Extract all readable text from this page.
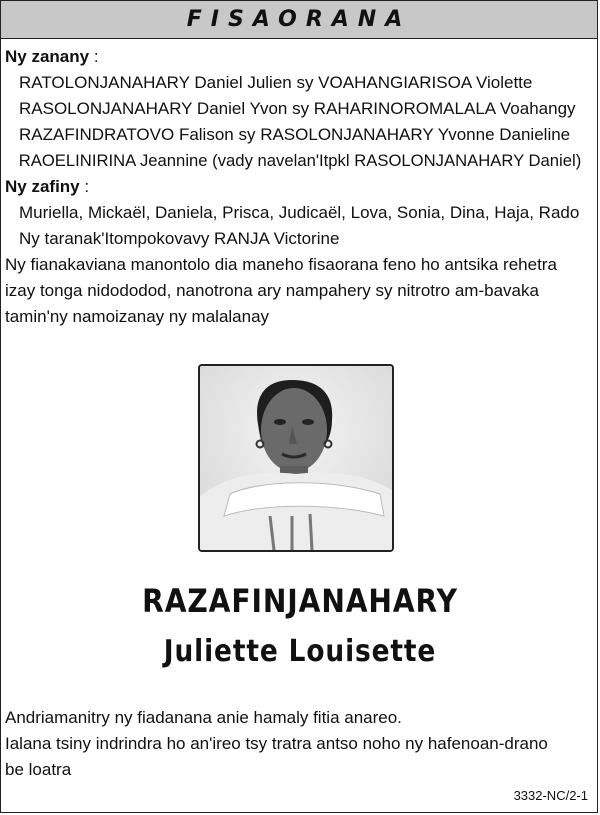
FISAORANA
Ny zanany :
RATOLONJANAHARY Daniel Julien sy VOAHANGIARISOA Violette
RASOLONJANAHARY Daniel Yvon sy RAHARINOROMALALA Voahangy
RAZAFINDRATOVO Falison sy RASOLONJANAHARY Yvonne Danieline
RAOELINIRINA Jeannine (vady navelan'Itpkl RASOLONJANAHARY Daniel)
Ny zafiny :
Muriella, Mickaël, Daniela, Prisca, Judicaël, Lova, Sonia, Dina, Haja, Rado
Ny taranak'Itompokovavy RANJA Victorine
Ny fianakaviana manontolo dia maneho fisaorana feno ho antsika rehetra
izay tonga nidododod, nanotrona ary nampahery sy nitrotro am-bavaka
tamin'ny namoizanay ny malalanay
RAZAFINJANAHARY
Juliette Louisette
Andriamanitry ny fiadanana anie hamaly fitia anareo.
Ialana tsiny indrindra ho an'ireo tsy tratra antso noho ny hafenoan-drano
be loatra
3332-NC/2-1
